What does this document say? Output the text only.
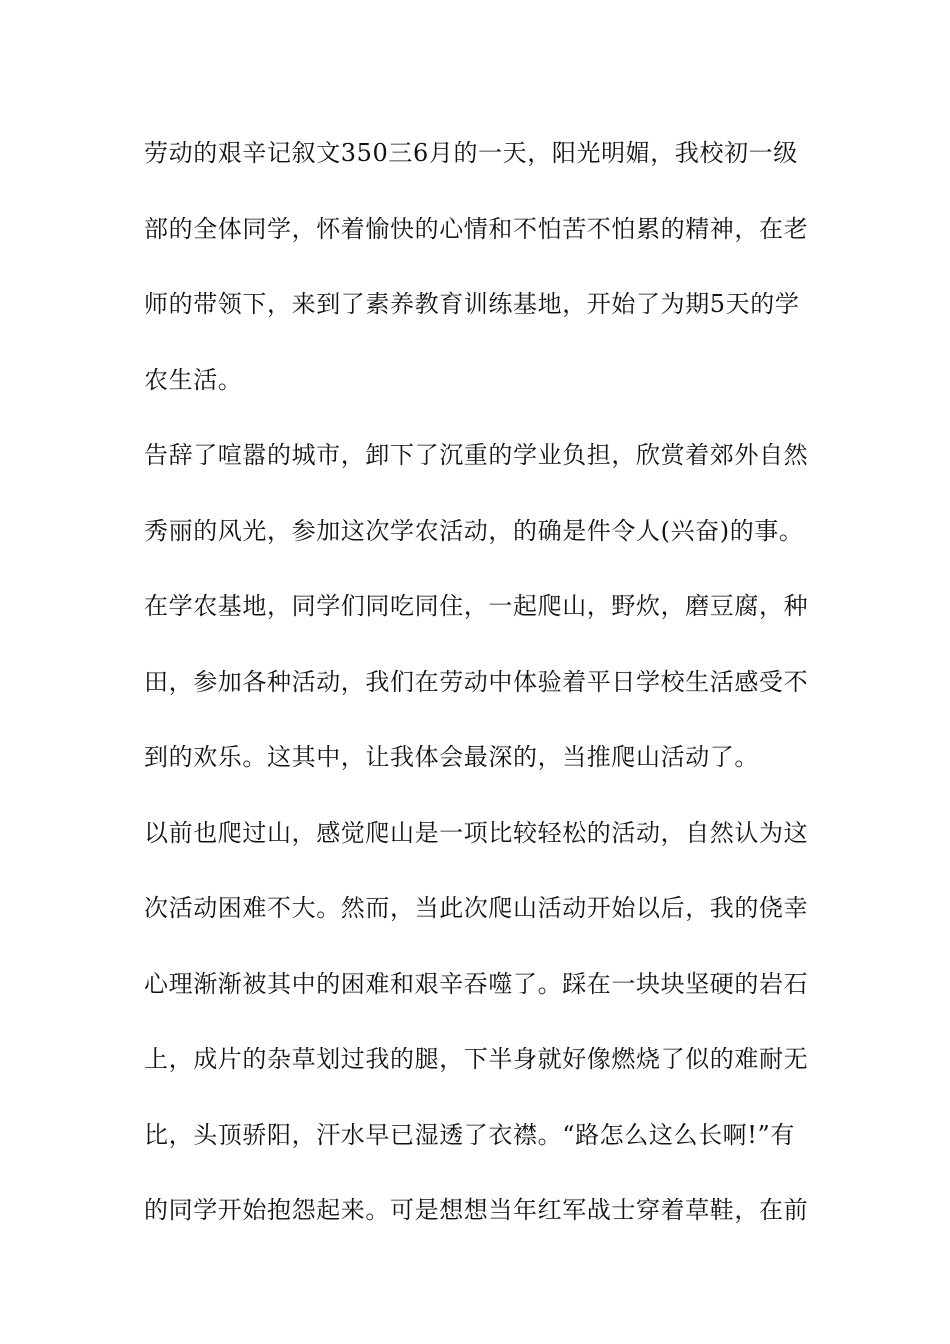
劳动的艰辛记叙文350三6月的一天，阳光明媚，我校初一级
部的全体同学，怀着愉快的心情和不怕苦不怕累的精神，在老
师的带领下，来到了素养教育训练基地，开始了为期5天的学
农生活。
告辞了喧嚣的城市，卸下了沉重的学业负担，欣赏着郊外自然
秀丽的风光，参加这次学农活动，的确是件令人(兴奋)的事。
在学农基地，同学们同吃同住，一起爬山，野炊，磨豆腐，种
田，参加各种活动，我们在劳动中体验着平日学校生活感受不
到的欢乐。这其中，让我体会最深的，当推爬山活动了。
以前也爬过山，感觉爬山是一项比较轻松的活动，自然认为这
次活动困难不大。然而，当此次爬山活动开始以后，我的侥幸
心理渐渐被其中的困难和艰辛吞噬了。踩在一块块坚硬的岩石
上，成片的杂草划过我的腿，下半身就好像燃烧了似的难耐无
比，头顶骄阳，汗水早已湿透了衣襟。“路怎么这么长啊!”有
的同学开始抱怨起来。可是想想当年红军战士穿着草鞋，在前
